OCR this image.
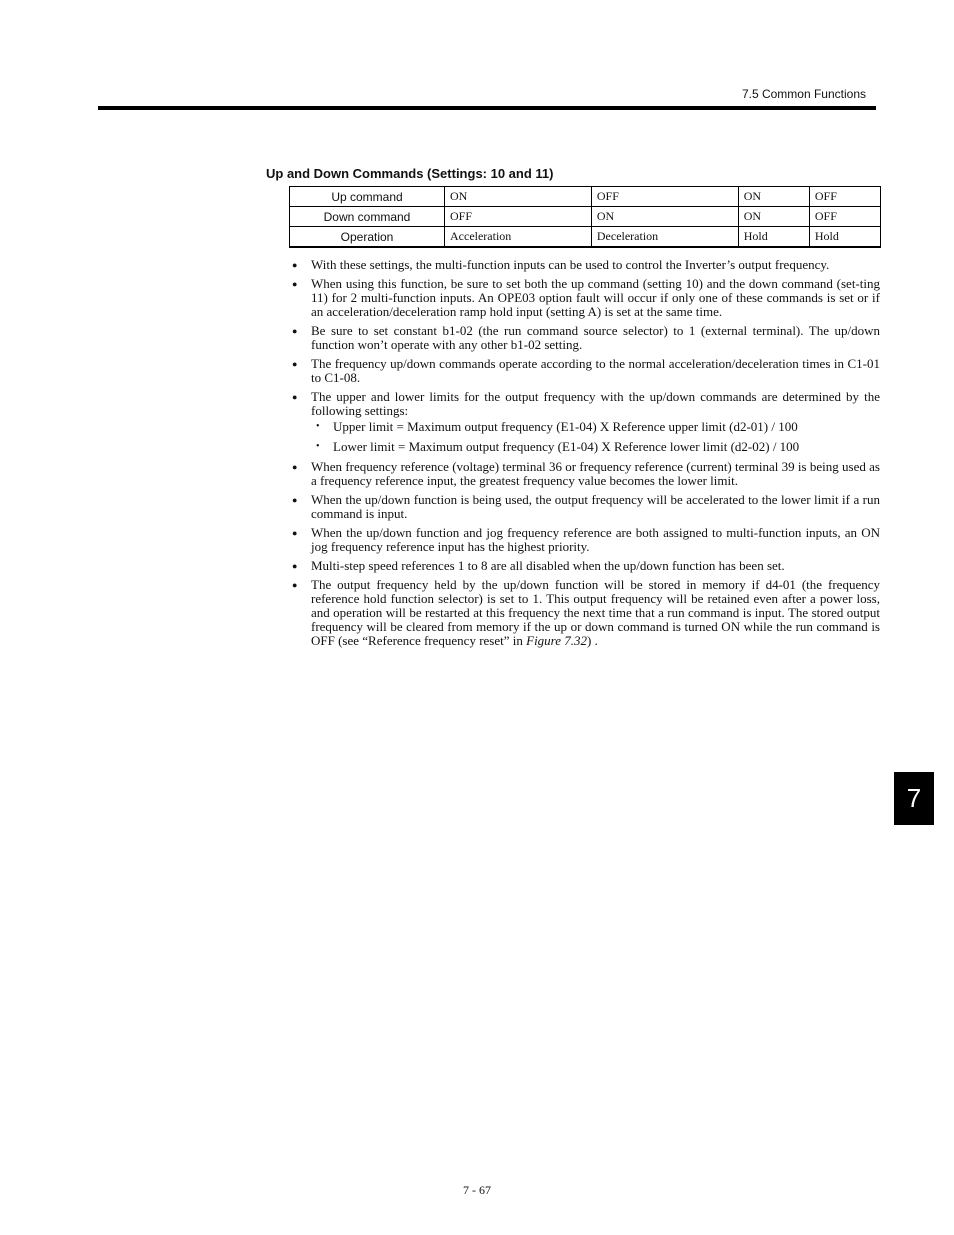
7.5 Common Functions
Up and Down Commands (Settings: 10 and 11)
Up command	ON	OFF	ON	OFF
Down command	OFF	ON	ON	OFF
Operation	Acceleration	Deceleration	Hold	Hold
● With these settings, the multi-function inputs can be used to control the Inverter’s output frequency.
● When using this function, be sure to set both the up command (setting 10) and the down command (set-ting 11) for 2 multi-function inputs. An OPE03 option fault will occur if only one of these commands is set or if an acceleration/deceleration ramp hold input (setting A) is set at the same time.
● Be sure to set constant b1-02 (the run command source selector) to 1 (external terminal). The up/down function won’t operate with any other b1-02 setting.
● The frequency up/down commands operate according to the normal acceleration/deceleration times in C1-01 to C1-08.
● The upper and lower limits for the output frequency with the up/down commands are determined by the following settings:
• Upper limit = Maximum output frequency (E1-04) X Reference upper limit (d2-01) / 100
• Lower limit = Maximum output frequency (E1-04) X Reference lower limit (d2-02) / 100
● When frequency reference (voltage) terminal 36 or frequency reference (current) terminal 39 is being used as a frequency reference input, the greatest frequency value becomes the lower limit.
● When the up/down function is being used, the output frequency will be accelerated to the lower limit if a run command is input.
● When the up/down function and jog frequency reference are both assigned to multi-function inputs, an ON jog frequency reference input has the highest priority.
● Multi-step speed references 1 to 8 are all disabled when the up/down function has been set.
● The output frequency held by the up/down function will be stored in memory if d4-01 (the frequency reference hold function selector) is set to 1. This output frequency will be retained even after a power loss, and operation will be restarted at this frequency the next time that a run command is input. The stored output frequency will be cleared from memory if the up or down command is turned ON while the run command is OFF (see “Reference frequency reset” in Figure 7.32) .
7
7 - 67
